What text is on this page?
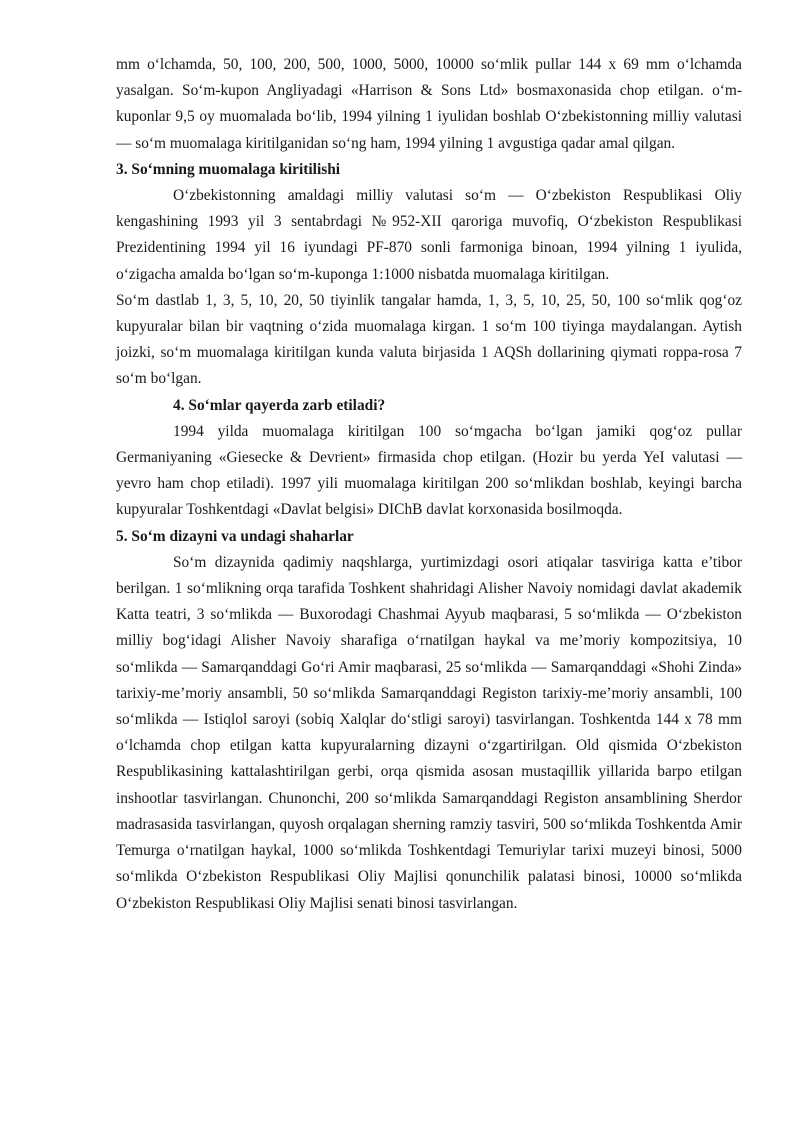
mm o‘lchamda, 50, 100, 200, 500, 1000, 5000, 10000 so‘mlik pullar 144 x 69 mm o‘lchamda yasalgan. So‘m-kupon Angliyadagi «Harrison & Sons Ltd» bosmaxonasida chop etilgan. o‘m-kuponlar 9,5 oy muomalada bo‘lib, 1994 yilning 1 iyulidan boshlab O‘zbekistonning milliy valutasi — so‘m muomalaga kiritilganidan so‘ng ham, 1994 yilning 1 avgustiga qadar amal qilgan.

3. So‘mning muomalaga kiritilishi

O‘zbekistonning amaldagi milliy valutasi so‘m — O‘zbekiston Respublikasi Oliy kengashining 1993 yil 3 sentabrdagi №952-XII qaroriga muvofiq, O‘zbekiston Respublikasi Prezidentining 1994 yil 16 iyundagi PF-870 sonli farmoniga binoan, 1994 yilning 1 iyulida, o‘zigacha amalda bo‘lgan so‘m-kuponga 1:1000 nisbatda muomalaga kiritilgan.

So‘m dastlab 1, 3, 5, 10, 20, 50 tiyinlik tangalar hamda, 1, 3, 5, 10, 25, 50, 100 so‘mlik qog‘oz kupyuralar bilan bir vaqtning o‘zida muomalaga kirgan. 1 so‘m 100 tiyinga maydalangan. Aytish joizki, so‘m muomalaga kiritilgan kunda valuta birjasida 1 AQSh dollarining qiymati roppa-rosa 7 so‘m bo‘lgan.

4. So‘mlar qayerda zarb etiladi?

1994 yilda muomalaga kiritilgan 100 so‘mgacha bo‘lgan jamiki qog‘oz pullar Germaniyaning «Giesecke & Devrient» firmasida chop etilgan. (Hozir bu yerda YeI valutasi — yevro ham chop etiladi). 1997 yili muomalaga kiritilgan 200 so‘mlikdan boshlab, keyingi barcha kupyuralar Toshkentdagi «Davlat belgisi» DIChB davlat korxonasida bosilmoqda.

5. So‘m dizayni va undagi shaharlar

So‘m dizaynida qadimiy naqshlarga, yurtimizdagi osori atiqalar tasviriga katta e’tibor berilgan. 1 so‘mlikning orqa tarafida Toshkent shahridagi Alisher Navoiy nomidagi davlat akademik Katta teatri, 3 so‘mlikda — Buxorodagi Chashmai Ayyub maqbarasi, 5 so‘mlikda — O‘zbekiston milliy bog‘idagi Alisher Navoiy sharafiga o‘rnatilgan haykal va me’moriy kompozitsiya, 10 so‘mlikda — Samarqanddagi Go‘ri Amir maqbarasi, 25 so‘mlikda — Samarqanddagi «Shohi Zinda» tarixiy-me’moriy ansambli, 50 so‘mlikda Samarqanddagi Registon tarixiy-me’moriy ansambli, 100 so‘mlikda — Istiqlol saroyi (sobiq Xalqlar do‘stligi saroyi) tasvirlangan. Toshkentda 144 x 78 mm o‘lchamda chop etilgan katta kupyuralarning dizayni o‘zgartirilgan. Old qismida O‘zbekiston Respublikasining kattalashtirilgan gerbi, orqa qismida asosan mustaqillik yillarida barpo etilgan inshootlar tasvirlangan. Chunonchi, 200 so‘mlikda Samarqanddagi Registon ansamblining Sherdor madrasasida tasvirlangan, quyosh orqalagan sherning ramziy tasviri, 500 so‘mlikda Toshkentda Amir Temurga o‘rnatilgan haykal, 1000 so‘mlikda Toshkentdagi Temuriylar tarixi muzeyi binosi, 5000 so‘mlikda O‘zbekiston Respublikasi Oliy Majlisi qonunchilik palatasi binosi, 10000 so‘mlikda O‘zbekiston Respublikasi Oliy Majlisi senati binosi tasvirlangan.
